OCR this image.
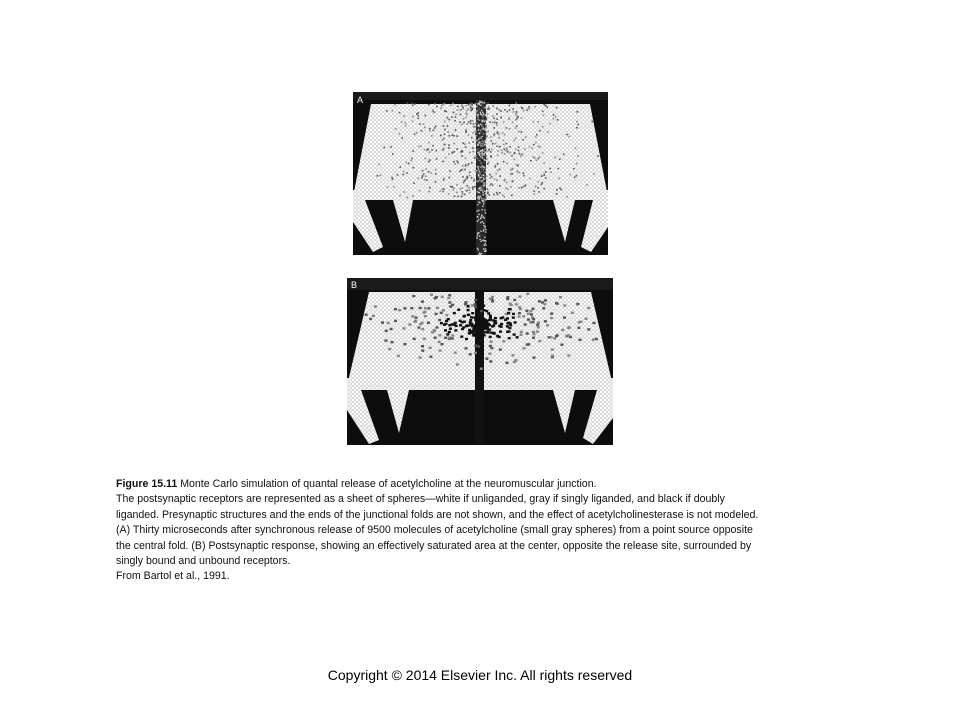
A
B

Figure 15.11 Monte Carlo simulation of quantal release of acetylcholine at the neuromuscular junction.

The postsynaptic receptors are represented as a sheet of spheres—white if unliganded, gray if singly liganded, and black if doubly

liganded. Presynaptic structures and the ends of the junctional folds are not shown, and the effect of acetylcholinesterase is not modeled.

(A) Thirty microseconds after synchronous release of 9500 molecules of acetylcholine (small gray spheres) from a point source opposite

the central fold. (B) Postsynaptic response, showing an effectively saturated area at the center, opposite the release site, surrounded by

singly bound and unbound receptors.

From Bartol et al., 1991.

Copyright © 2014 Elsevier Inc. All rights reserved
